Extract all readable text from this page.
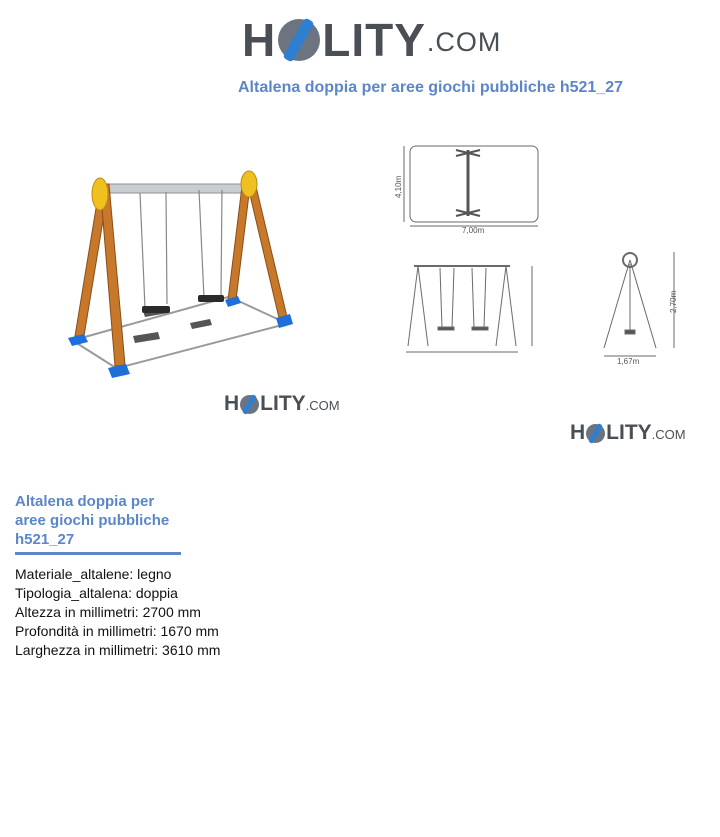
H LITY .COM
Altalena doppia per aree giochi pubbliche h521_27
7,00m
4,10m
2,70m
1,67m
H LITY .COM
H LITY .COM
Altalena doppia per
aree giochi pubbliche
h521_27
Materiale_altalene: legno
Tipologia_altalena: doppia
Altezza in millimetri: 2700 mm
Profondità in millimetri: 1670 mm
Larghezza in millimetri: 3610 mm
